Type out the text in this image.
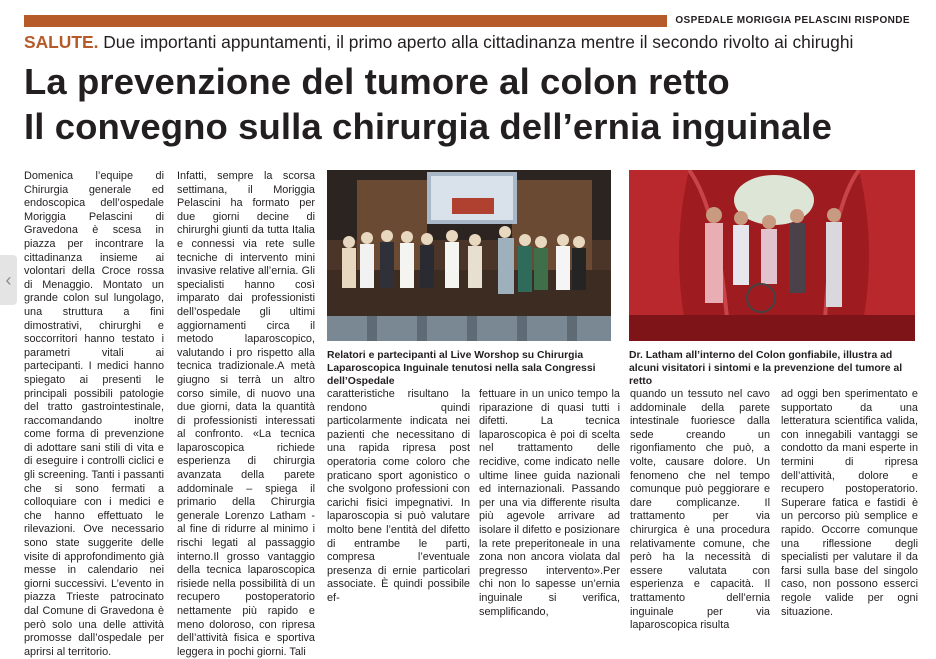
OSPEDALE MORIGGIA PELASCINI RISPONDE
‹
SALUTE. Due importanti appuntamenti, il primo aperto alla cittadinanza mentre il secondo rivolto ai chirughi
La prevenzione del tumore al colon retto
Il convegno sulla chirurgia dell’ernia inguinale

Domenica l’equipe di Chirurgia generale ed endoscopica dell’ospedale Moriggia Pelascini di Gravedona è scesa in piazza per incontrare la cittadinanza insieme ai volontari della Croce rossa di Menaggio. Montato un grande colon sul lungolago, una struttura a fini dimostrativi, chirurghi e soccorritori hanno testato i parametri vitali ai partecipanti. I medici hanno spiegato ai presenti le principali possibili patologie del tratto gastrointestinale, raccomandando inoltre come forma di prevenzione di adottare sani stili di vita e di eseguire i controlli ciclici e gli screening. Tanti i passanti che si sono fermati a colloquiare con i medici e che hanno effettuato le rilevazioni. Ove necessario sono state suggerite delle visite di approfondimento già messe in calendario nei giorni successivi. L’evento in piazza Trieste patrocinato dal Comune di Gravedona è però solo una delle attività promosse dall’ospedale per aprirsi al territorio.

Infatti, sempre la scorsa settimana, il Moriggia Pelascini ha formato per due giorni decine di chirurghi giunti da tutta Italia e connessi via rete sulle tecniche di intervento mini invasive relative all’ernia. Gli specialisti hanno così imparato dai professionisti dell’ospedale gli ultimi aggiornamenti circa il metodo laparoscopico, valutando i pro rispetto alla tecnica tradizionale.A metà giugno si terrà un altro corso simile, di nuovo una due giorni, data la quantità di professionisti interessati al confronto. «La tecnica laparoscopica richiede esperienza di chirurgia avanzata della parete addominale – spiega il primario della Chirurgia generale Lorenzo Latham - al fine di ridurre al minimo i rischi legati al passaggio interno.Il grosso vantaggio della tecnica laparoscopica risiede nella possibilità di un recupero postoperatorio nettamente più rapido e meno doloroso, con ripresa dell’attività fisica e sportiva leggera in pochi giorni. Tali

Relatori e partecipanti al Live Worshop su Chirurgia Laparoscopica Inguinale tenutosi nella sala Congressi dell’Ospedale
Dr. Latham all’interno del Colon gonfiabile, illustra ad alcuni visitatori i sintomi e la prevenzione del tumore al retto

caratteristiche risultano la rendono quindi particolarmente indicata nei pazienti che necessitano di una rapida ripresa post operatoria come coloro che praticano sport agonistico o che svolgono professioni con carichi fisici impegnativi. In laparoscopia si può valutare molto bene l’entità del difetto di entrambe le parti, compresa l’eventuale presenza di ernie particolari associate. È quindi possibile ef-

fettuare in un unico tempo la riparazione di quasi tutti i difetti. La tecnica laparoscopica è poi di scelta nel trattamento delle recidive, come indicato nelle ultime linee guida nazionali ed internazionali. Passando per una via differente risulta più agevole arrivare ad isolare il difetto e posizionare la rete preperitoneale in una zona non ancora violata dal pregresso intervento».Per chi non lo sapesse un’ernia inguinale si verifica, semplificando,

quando un tessuto nel cavo addominale della parete intestinale fuoriesce dalla sede creando un rigonfiamento che può, a volte, causare dolore. Un fenomeno che nel tempo comunque può peggiorare e dare complicanze. Il trattamento per via chirurgica è una procedura relativamente comune, che però ha la necessità di essere valutata con esperienza e capacità. Il trattamento dell’ernia inguinale per via laparoscopica risulta

ad oggi ben sperimentato e supportato da una letteratura scientifica valida, con innegabili vantaggi se condotto da mani esperte in termini di ripresa dell’attività, dolore e recupero postoperatorio. Superare fatica e fastidi è un percorso più semplice e rapido. Occorre comunque una riflessione degli specialisti per valutare il da farsi sulla base del singolo caso, non possono esserci regole valide per ogni situazione.
